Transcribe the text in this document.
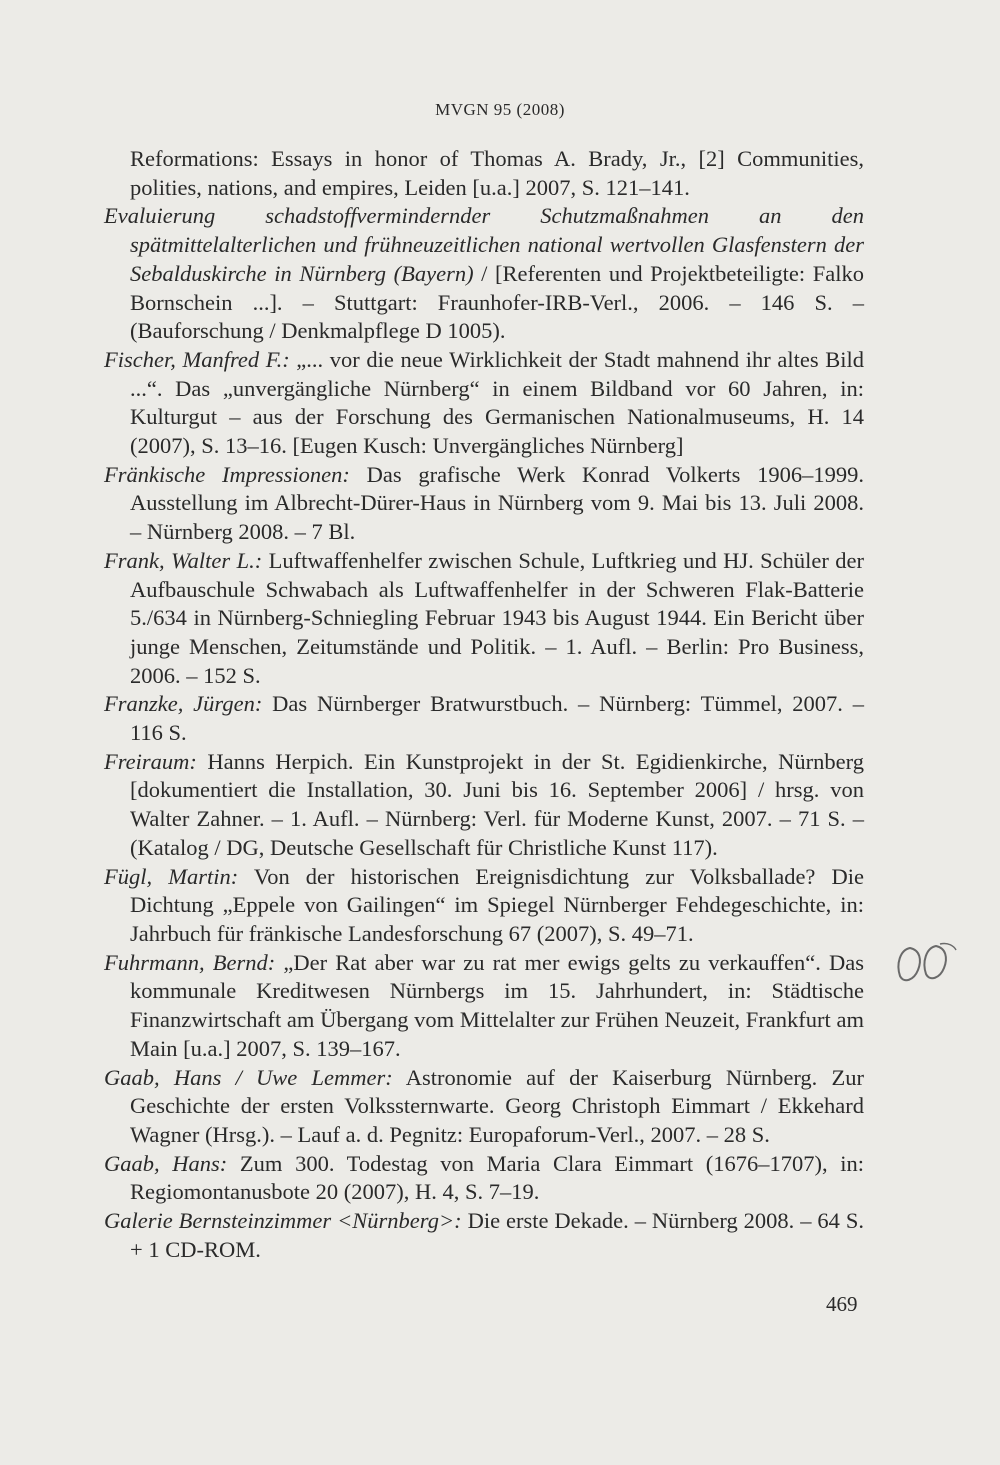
MVGN 95 (2008)

Reformations: Essays in honor of Thomas A. Brady, Jr., [2] Communities, polities, nations, and empires, Leiden [u.a.] 2007, S. 121–141.

Evaluierung schadstoffvermindernder Schutzmaßnahmen an den spätmittelalterlichen und frühneuzeitlichen national wertvollen Glasfenstern der Sebalduskirche in Nürnberg (Bayern) / [Referenten und Projektbeteiligte: Falko Bornschein ...]. – Stuttgart: Fraunhofer-IRB-Verl., 2006. – 146 S. – (Bauforschung / Denkmalpflege D 1005).

Fischer, Manfred F.: „... vor die neue Wirklichkeit der Stadt mahnend ihr altes Bild ...“. Das „unvergängliche Nürnberg“ in einem Bildband vor 60 Jahren, in: Kulturgut – aus der Forschung des Germanischen Nationalmuseums, H. 14 (2007), S. 13–16. [Eugen Kusch: Unvergängliches Nürnberg]

Fränkische Impressionen: Das grafische Werk Konrad Volkerts 1906–1999. Ausstellung im Albrecht-Dürer-Haus in Nürnberg vom 9. Mai bis 13. Juli 2008. – Nürnberg 2008. – 7 Bl.

Frank, Walter L.: Luftwaffenhelfer zwischen Schule, Luftkrieg und HJ. Schüler der Aufbauschule Schwabach als Luftwaffenhelfer in der Schweren Flak-Batterie 5./634 in Nürnberg-Schniegling Februar 1943 bis August 1944. Ein Bericht über junge Menschen, Zeitumstände und Politik. – 1. Aufl. – Berlin: Pro Business, 2006. – 152 S.

Franzke, Jürgen: Das Nürnberger Bratwurstbuch. – Nürnberg: Tümmel, 2007. – 116 S.

Freiraum: Hanns Herpich. Ein Kunstprojekt in der St. Egidienkirche, Nürnberg [dokumentiert die Installation, 30. Juni bis 16. September 2006] / hrsg. von Walter Zahner. – 1. Aufl. – Nürnberg: Verl. für Moderne Kunst, 2007. – 71 S. – (Katalog / DG, Deutsche Gesellschaft für Christliche Kunst 117).

Fügl, Martin: Von der historischen Ereignisdichtung zur Volksballade? Die Dichtung „Eppele von Gailingen“ im Spiegel Nürnberger Fehdegeschichte, in: Jahrbuch für fränkische Landesforschung 67 (2007), S. 49–71.

Fuhrmann, Bernd: „Der Rat aber war zu rat mer ewigs gelts zu verkauffen“. Das kommunale Kreditwesen Nürnbergs im 15. Jahrhundert, in: Städtische Finanzwirtschaft am Übergang vom Mittelalter zur Frühen Neuzeit, Frankfurt am Main [u.a.] 2007, S. 139–167.

Gaab, Hans / Uwe Lemmer: Astronomie auf der Kaiserburg Nürnberg. Zur Geschichte der ersten Volkssternwarte. Georg Christoph Eimmart / Ekkehard Wagner (Hrsg.). – Lauf a. d. Pegnitz: Europaforum-Verl., 2007. – 28 S.

Gaab, Hans: Zum 300. Todestag von Maria Clara Eimmart (1676–1707), in: Regiomontanusbote 20 (2007), H. 4, S. 7–19.

Galerie Bernsteinzimmer <Nürnberg>: Die erste Dekade. – Nürnberg 2008. – 64 S. + 1 CD-ROM.

469
